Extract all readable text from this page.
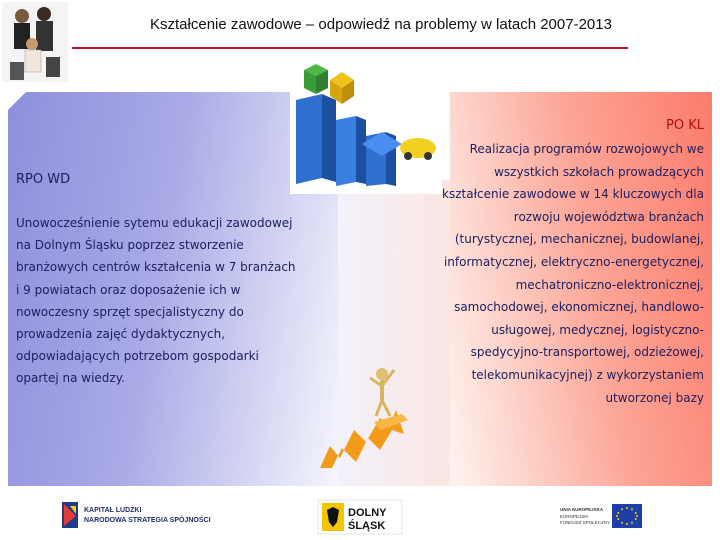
Kształcenie zawodowe – odpowiedź na problemy w latach 2007-2013
RPO WD
Unowocześnienie sytemu edukacji zawodowej na Dolnym Śląsku poprzez stworzenie branżowych centrów kształcenia w 7 branżach i 9 powiatach oraz doposażenie ich w nowoczesny sprzęt specjalistyczny do prowadzenia zajęć dydaktycznych, odpowiadających potrzebom gospodarki opartej na wiedzy.
PO KL
Realizacja programów rozwojowych we wszystkich szkołach prowadzących kształcenie zawodowe w 14 kluczowych dla rozwoju województwa branżach (turystycznej, mechanicznej, budowlanej, informatycznej, elektryczno-energetycznej, mechatroniczno-elektronicznej, samochodowej, ekonomicznej, handlowo-usługowej, medycznej, logistyczno-spedycyjno-transportowej, odzieżowej, telekomunikacyjnej) z wykorzystaniem utworzonej bazy
KAPITAŁ LUDZKI
NARODOWA STRATEGIA SPÓJNOŚCI
DOLNY
ŚLĄSK
UNIA EUROPEJSKA
EUROPEJSKI
FUNDUSZ SPOŁECZNY
